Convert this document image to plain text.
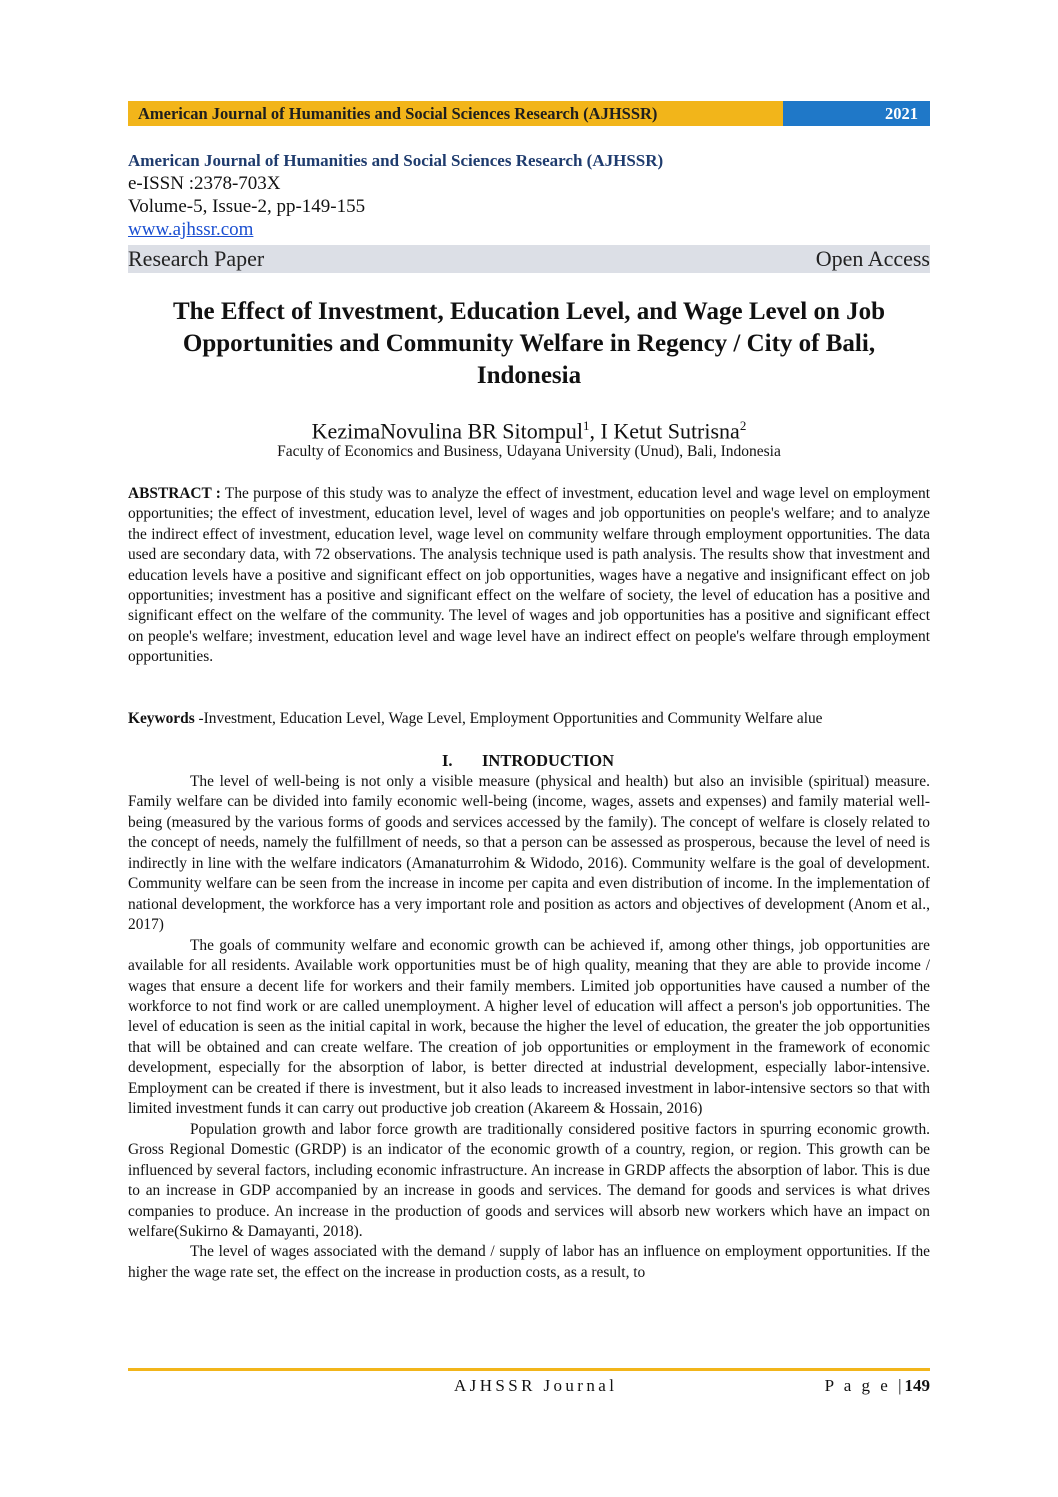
American Journal of Humanities and Social Sciences Research (AJHSSR)	2021
American Journal of Humanities and Social Sciences Research (AJHSSR)
e-ISSN :2378-703X
Volume-5, Issue-2, pp-149-155
www.ajhssr.com
Research Paper	Open Access
The Effect of Investment, Education Level, and Wage Level on Job Opportunities and Community Welfare in Regency / City of Bali, Indonesia
KezimaNovulina BR Sitompul$^1$, I Ketut Sutrisna$^2$
Faculty of Economics and Business, Udayana University (Unud), Bali, Indonesia

ABSTRACT : The purpose of this study was to analyze the effect of investment, education level and wage level on employment opportunities; the effect of investment, education level, level of wages and job opportunities on people's welfare; and to analyze the indirect effect of investment, education level, wage level on community welfare through employment opportunities. The data used are secondary data, with 72 observations. The analysis technique used is path analysis. The results show that investment and education levels have a positive and significant effect on job opportunities, wages have a negative and insignificant effect on job opportunities; investment has a positive and significant effect on the welfare of society, the level of education has a positive and significant effect on the welfare of the community. The level of wages and job opportunities has a positive and significant effect on people's welfare; investment, education level and wage level have an indirect effect on people's welfare through employment opportunities.

Keywords -Investment, Education Level, Wage Level, Employment Opportunities and Community Welfare alue

I. INTRODUCTION

The level of well-being is not only a visible measure (physical and health) but also an invisible (spiritual) measure. Family welfare can be divided into family economic well-being (income, wages, assets and expenses) and family material well-being (measured by the various forms of goods and services accessed by the family). The concept of welfare is closely related to the concept of needs, namely the fulfillment of needs, so that a person can be assessed as prosperous, because the level of need is indirectly in line with the welfare indicators (Amanaturrohim & Widodo, 2016). Community welfare is the goal of development. Community welfare can be seen from the increase in income per capita and even distribution of income. In the implementation of national development, the workforce has a very important role and position as actors and objectives of development (Anom et al., 2017)

The goals of community welfare and economic growth can be achieved if, among other things, job opportunities are available for all residents. Available work opportunities must be of high quality, meaning that they are able to provide income / wages that ensure a decent life for workers and their family members. Limited job opportunities have caused a number of the workforce to not find work or are called unemployment. A higher level of education will affect a person's job opportunities. The level of education is seen as the initial capital in work, because the higher the level of education, the greater the job opportunities that will be obtained and can create welfare. The creation of job opportunities or employment in the framework of economic development, especially for the absorption of labor, is better directed at industrial development, especially labor-intensive. Employment can be created if there is investment, but it also leads to increased investment in labor-intensive sectors so that with limited investment funds it can carry out productive job creation (Akareem & Hossain, 2016)

Population growth and labor force growth are traditionally considered positive factors in spurring economic growth. Gross Regional Domestic (GRDP) is an indicator of the economic growth of a country, region, or region. This growth can be influenced by several factors, including economic infrastructure. An increase in GRDP affects the absorption of labor. This is due to an increase in GDP accompanied by an increase in goods and services. The demand for goods and services is what drives companies to produce. An increase in the production of goods and services will absorb new workers which have an impact on welfare(Sukirno & Damayanti, 2018).

The level of wages associated with the demand / supply of labor has an influence on employment opportunities. If the higher the wage rate set, the effect on the increase in production costs, as a result, to

AJHSSR Journal	P a g e |149
